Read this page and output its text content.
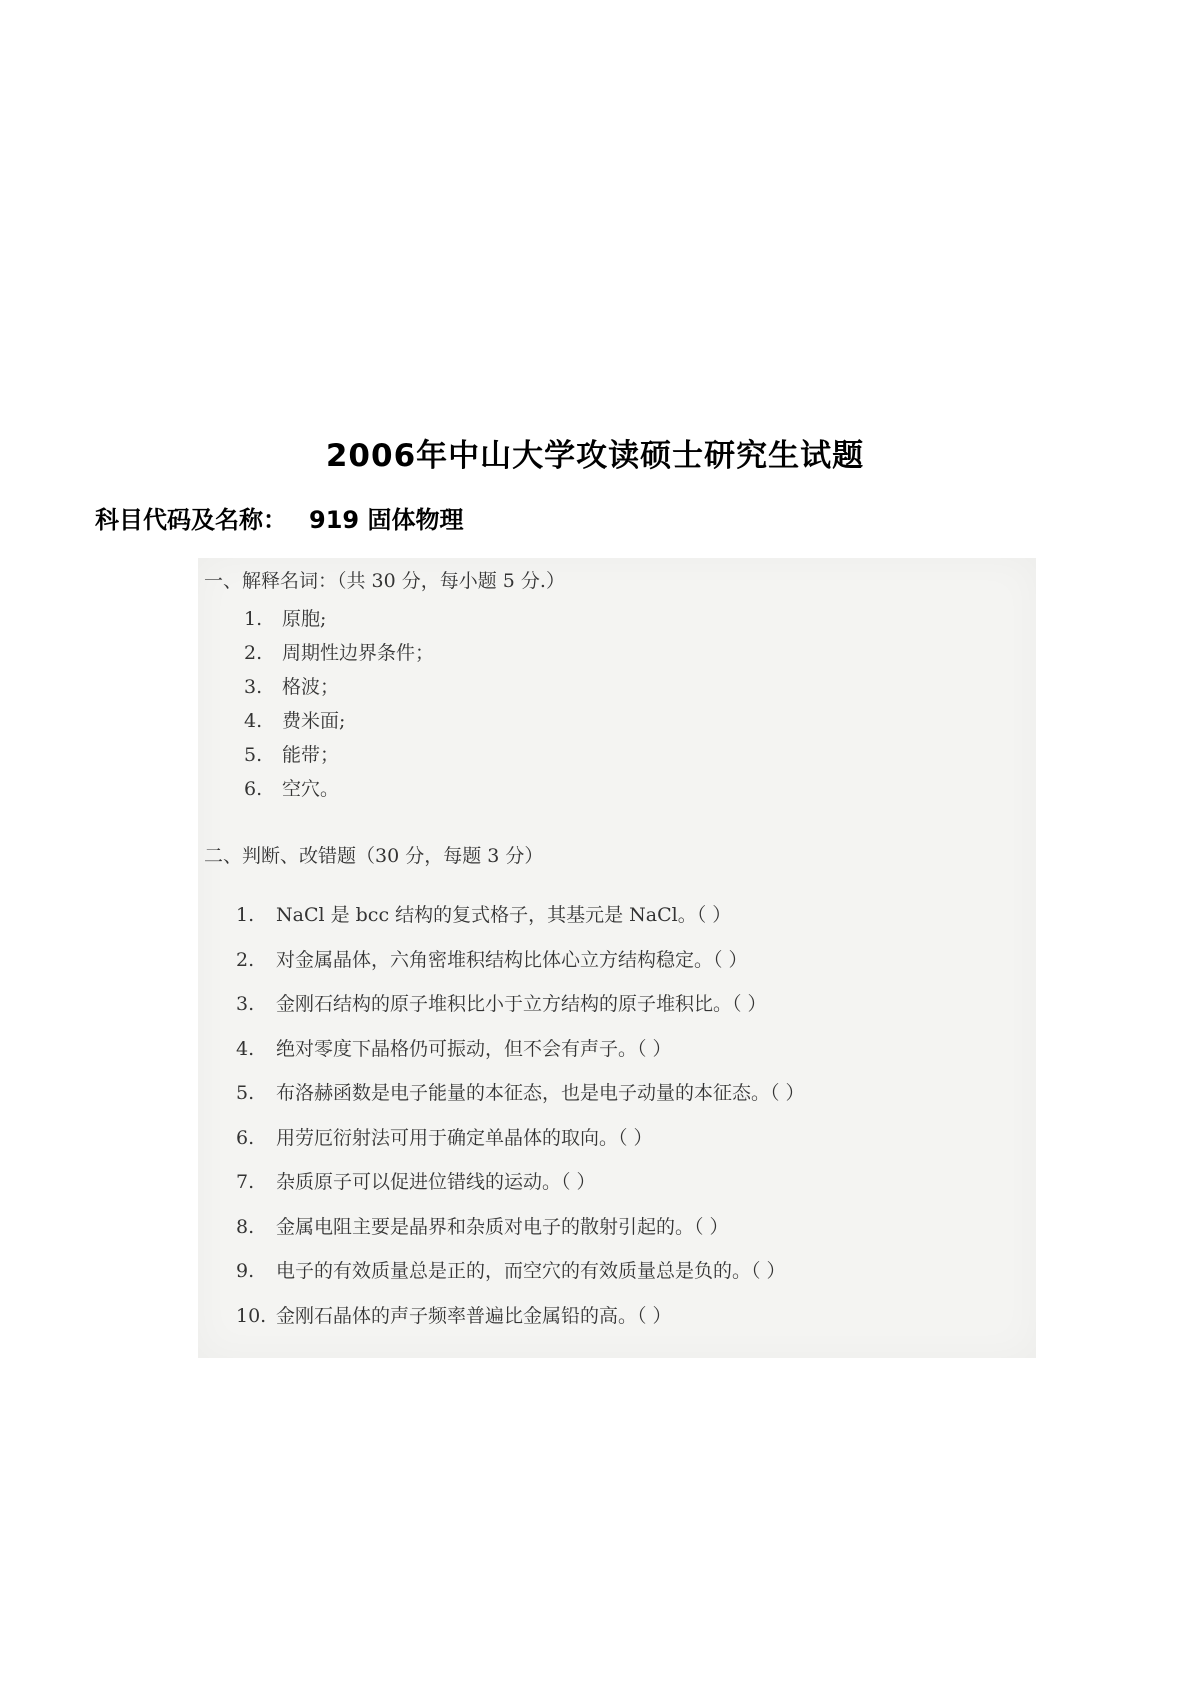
2006年中山大学攻读硕士研究生试题
科目代码及名称： 919 固体物理
一、解释名词：（共 30 分，每小题 5 分.）
1. 原胞;
2. 周期性边界条件；
3. 格波；
4. 费米面;
5. 能带；
6. 空穴。
二、判断、改错题（30 分，每题 3 分）
1. NaCl 是 bcc 结构的复式格子，其基元是 NaCl。（ ）
2. 对金属晶体，六角密堆积结构比体心立方结构稳定。（ ）
3. 金刚石结构的原子堆积比小于立方结构的原子堆积比。（ ）
4. 绝对零度下晶格仍可振动，但不会有声子。（ ）
5. 布洛赫函数是电子能量的本征态，也是电子动量的本征态。（ ）
6. 用劳厄衍射法可用于确定单晶体的取向。（ ）
7. 杂质原子可以促进位错线的运动。（ ）
8. 金属电阻主要是晶界和杂质对电子的散射引起的。（ ）
9. 电子的有效质量总是正的，而空穴的有效质量总是负的。（ ）
10. 金刚石晶体的声子频率普遍比金属铅的高。（ ）
